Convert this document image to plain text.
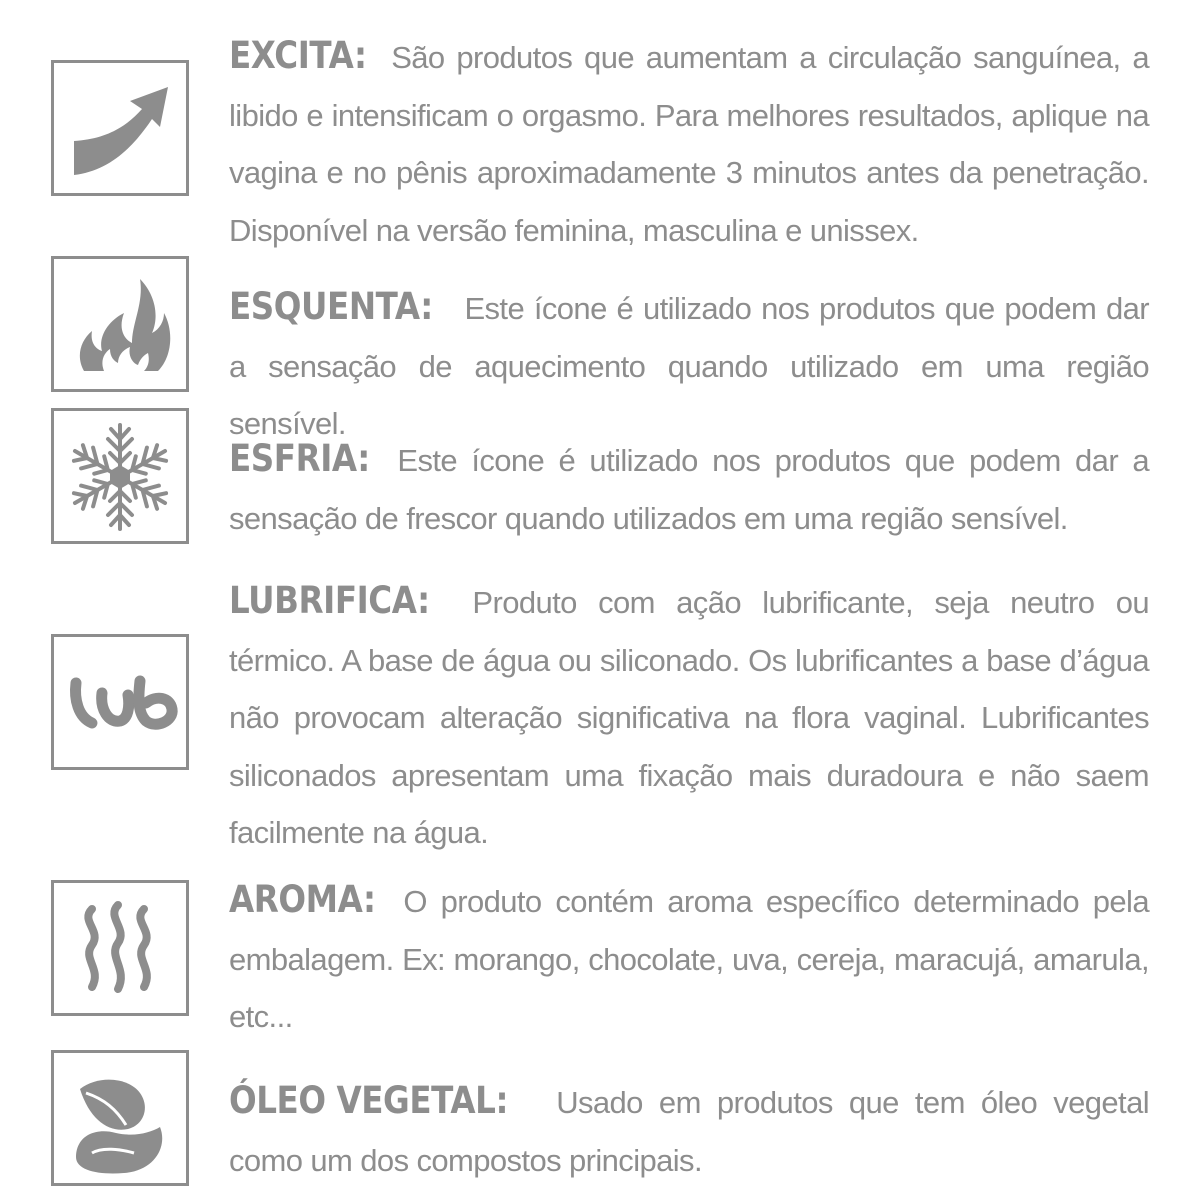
EXCITA: São produtos que aumentam a circulação sanguínea, a libido e intensificam o orgasmo. Para melhores resultados, aplique na vagina e no pênis aproximadamente 3 minutos antes da penetração. Disponível na versão feminina, masculina e unissex.
ESQUENTA: Este ícone é utilizado nos produtos que podem dar a sensação de aquecimento quando utilizado em uma região sensível.
ESFRIA: Este ícone é utilizado nos produtos que podem dar a sensação de frescor quando utilizados em uma região sensível.
lub
LUBRIFICA: Produto com ação lubrificante, seja neutro ou térmico. A base de água ou siliconado. Os lubrificantes a base d’água não provocam alteração significativa na flora vaginal. Lubrificantes siliconados apresentam uma fixação mais duradoura e não saem facilmente na água.
AROMA: O produto contém aroma específico determinado pela embalagem. Ex: morango, chocolate, uva, cereja, maracujá, amarula, etc...
ÓLEO VEGETAL: Usado em produtos que tem óleo vegetal como um dos compostos principais.
